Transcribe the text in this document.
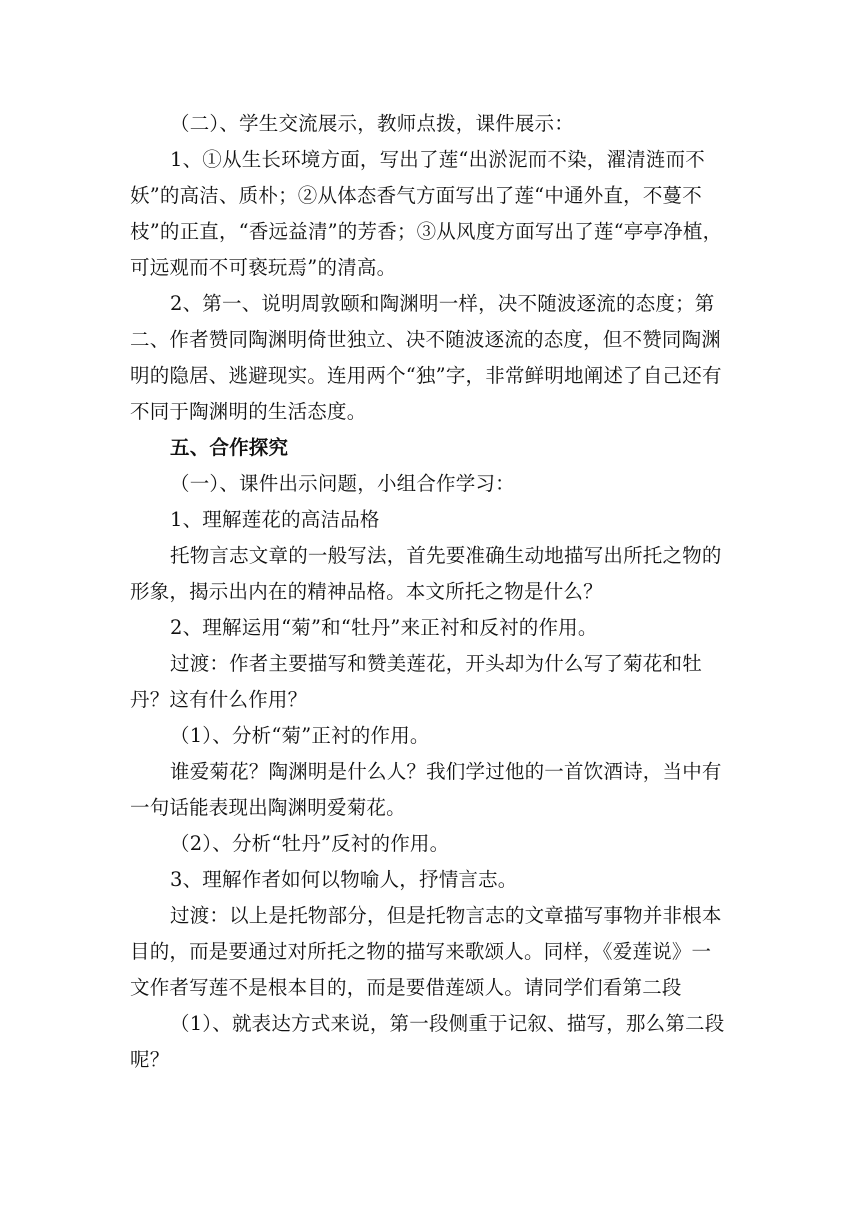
（二）、学生交流展示，教师点拨，课件展示：

1、①从生长环境方面，写出了莲“出淤泥而不染，濯清涟而不妖”的高洁、质朴；②从体态香气方面写出了莲“中通外直，不蔓不枝”的正直，“香远益清”的芳香；③从风度方面写出了莲“亭亭净植，可远观而不可亵玩焉”的清高。

2、第一、说明周敦颐和陶渊明一样，决不随波逐流的态度；第二、作者赞同陶渊明倚世独立、决不随波逐流的态度，但不赞同陶渊明的隐居、逃避现实。连用两个“独”字，非常鲜明地阐述了自己还有不同于陶渊明的生活态度。

五、合作探究

（一）、课件出示问题，小组合作学习：

1、理解莲花的高洁品格

托物言志文章的一般写法，首先要准确生动地描写出所托之物的形象，揭示出内在的精神品格。本文所托之物是什么？

2、理解运用“菊”和“牡丹”来正衬和反衬的作用。

过渡：作者主要描写和赞美莲花，开头却为什么写了菊花和牡丹？这有什么作用？

（1）、分析“菊”正衬的作用。

谁爱菊花？陶渊明是什么人？我们学过他的一首饮酒诗，当中有一句话能表现出陶渊明爱菊花。

（2）、分析“牡丹”反衬的作用。

3、理解作者如何以物喻人，抒情言志。

过渡：以上是托物部分，但是托物言志的文章描写事物并非根本目的，而是要通过对所托之物的描写来歌颂人。同样，《爱莲说》一文作者写莲不是根本目的，而是要借莲颂人。请同学们看第二段

（1）、就表达方式来说，第一段侧重于记叙、描写，那么第二段呢？
